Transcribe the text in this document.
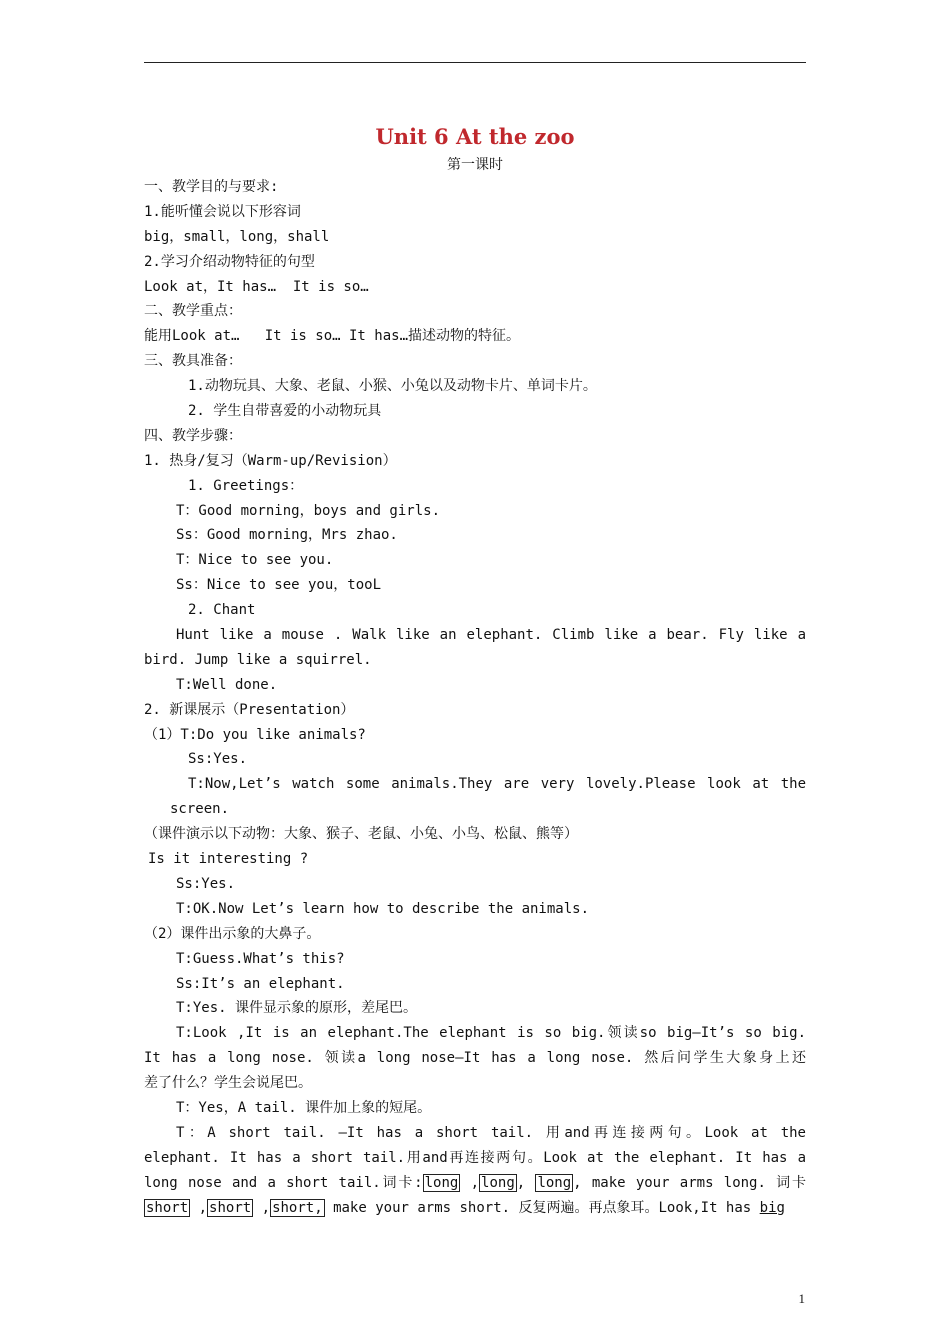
Unit 6 At the zoo
第一课时
一、教学目的与要求:
1.能听懂会说以下形容词
big，small，long，shall
2.学习介绍动物特征的句型
Look at，It has…  It is so…
二、教学重点：
能用Look at…   It is so… It has…描述动物的特征。
三、教具准备：
1.动物玩具、大象、老鼠、小猴、小兔以及动物卡片、单词卡片。
2. 学生自带喜爱的小动物玩具
四、教学步骤：
1. 热身/复习（Warm-up/Revision）
1. Greetings：
T：Good morning，boys and girls.
Ss：Good morning，Mrs zhao.
T：Nice to see you.
Ss：Nice to see you，tooL
2. Chant
Hunt like a mouse . Walk like an elephant. Climb like a bear. Fly like a
bird. Jump like a squirrel.
T:Well done.
2. 新课展示（Presentation）
（1）T:Do you like animals?
Ss:Yes.
T:Now,Let’s watch some animals.They are very lovely.Please look at the
screen.
（课件演示以下动物：大象、猴子、老鼠、小兔、小鸟、松鼠、熊等）
Is it interesting ?
Ss:Yes.
T:OK.Now Let’s learn how to describe the animals.
（2）课件出示象的大鼻子。
T:Guess.What’s this?
Ss:It’s an elephant.
T:Yes. 课件显示象的原形，差尾巴。
T:Look ,It is an elephant.The elephant is so big.领读so big—It’s so big.
It has a long nose. 领读a long nose—It has a long nose. 然后问学生大象身上还
差了什么？学生会说尾巴。
T：Yes，A tail. 课件加上象的短尾。
T：A short tail. —It has a short tail. 用and再连接两句。Look at the
elephant. It has a short tail.用and再连接两句。Look at the elephant. It has a
long nose and a short tail.词卡: long , long , long , make your arms long. 词卡
short , short , short, make your arms short. 反复两遍。再点象耳。Look,It has big
1
